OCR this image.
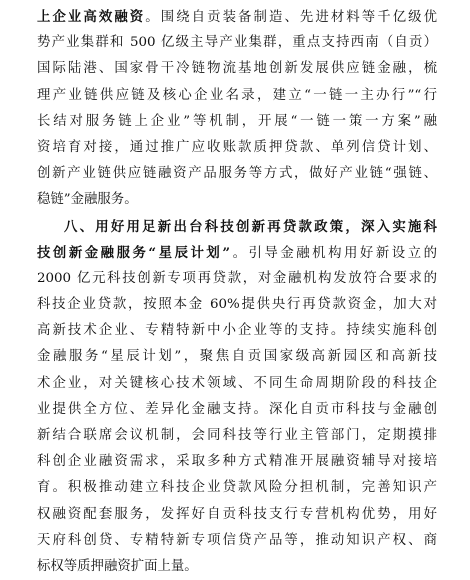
上企业高效融资。围绕自贡装备制造、先进材料等千亿级优
势产业集群和 500 亿级主导产业集群，重点支持西南（自贡）
国际陆港、国家骨干冷链物流基地创新发展供应链金融，梳
理产业链供应链及核心企业名录，建立“一链一主办行”“行
长结对服务链上企业”等机制，开展“一链一策一方案”融
资培育对接，通过推广应收账款质押贷款、单列信贷计划、
创新产业链供应链融资产品服务等方式，做好产业链“强链、
稳链”金融服务。
八、用好用足新出台科技创新再贷款政策，深入实施科
技创新金融服务“星辰计划”。引导金融机构用好新设立的
2000 亿元科技创新专项再贷款，对金融机构发放符合要求的
科技企业贷款，按照本金 60%提供央行再贷款资金，加大对
高新技术企业、专精特新中小企业等的支持。持续实施科创
金融服务“星辰计划”，聚焦自贡国家级高新园区和高新技
术企业，对关键核心技术领域、不同生命周期阶段的科技企
业提供全方位、差异化金融支持。深化自贡市科技与金融创
新结合联席会议机制，会同科技等行业主管部门，定期摸排
科创企业融资需求，采取多种方式精准开展融资辅导对接培
育。积极推动建立科技企业贷款风险分担机制，完善知识产
权融资配套服务，发挥好自贡科技支行专营机构优势，用好
天府科创贷、专精特新专项信贷产品等，推动知识产权、商
标权等质押融资扩面上量。
